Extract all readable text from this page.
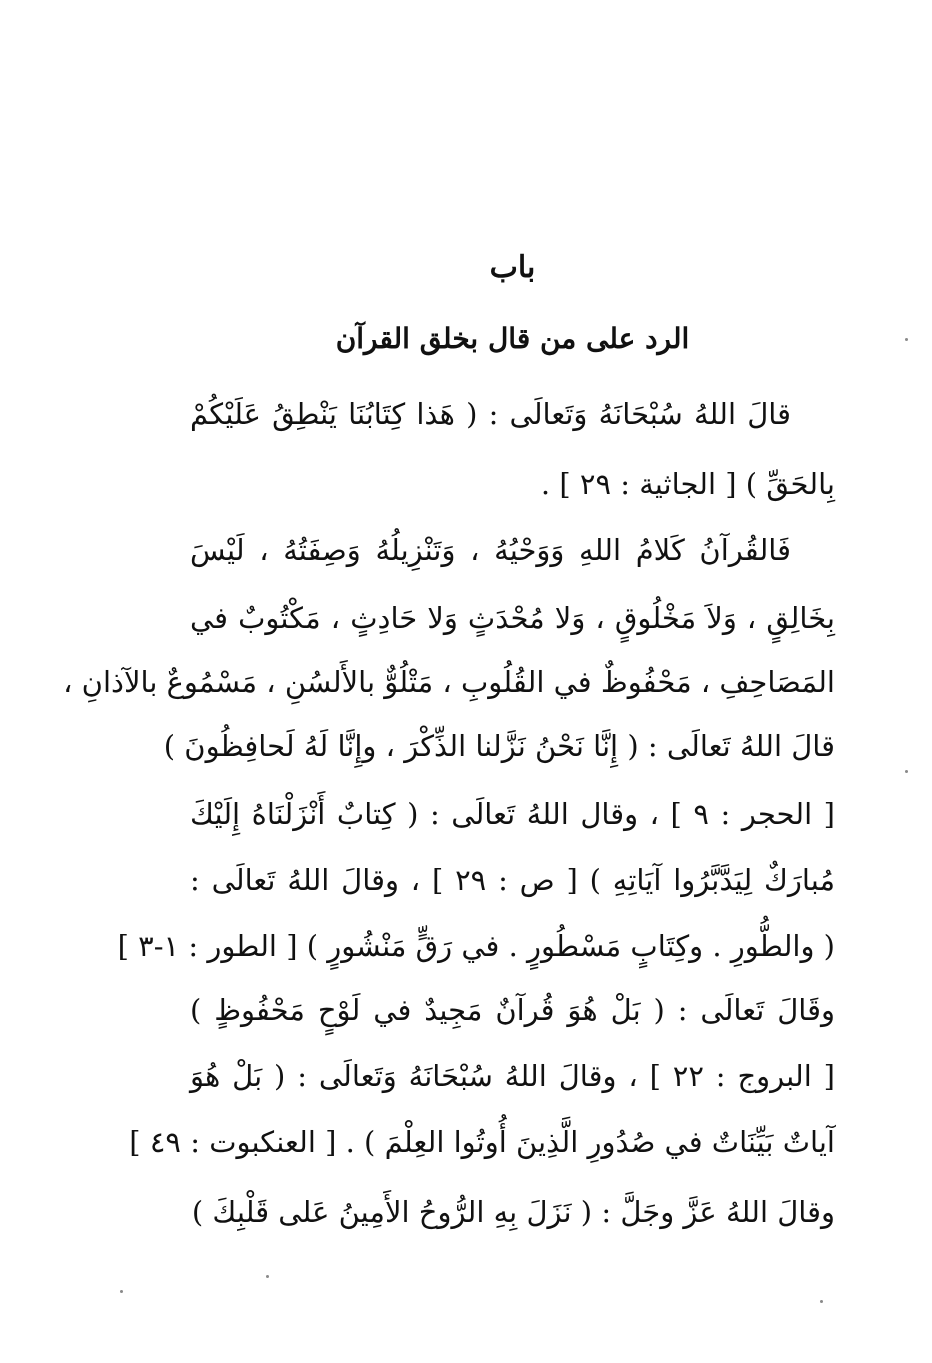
باب
الرد على من قال بخلق القرآن
قالَ اللهُ سُبْحَانَهُ وَتَعالَى : ( هَذا كِتَابُنَا يَنْطِقُ عَلَيْكُمْ
بِالحَقِّ ) [ الجاثية : ٢٩ ] .
فَالقُرآنُ كَلامُ اللهِ وَوَحْيُهُ ، وَتَنْزِيلُهُ وَصِفَتُهُ ، لَيْسَ
بِخَالِقٍ ، وَلاَ مَخْلُوقٍ ، وَلا مُحْدَثٍ وَلا حَادِثٍ ، مَكْتُوبٌ في
المَصَاحِفِ ، مَحْفُوظٌ في القُلُوبِ ، مَتْلُوٌّ بالأَلسُنِ ، مَسْمُوعٌ بالآذانِ ،
قالَ اللهُ تَعالَى : ( إِنَّا نَحْنُ نَزَّلنا الذِّكْرَ ، وإِنَّا لَهُ لَحافِظُونَ )
[ الحجر : ٩ ] ، وقال اللهُ تَعالَى : ( كِتابٌ أَنْزَلْنَاهُ إِلَيْكَ
مُبارَكٌ لِيَدَّبَّرُوا آيَاتِهِ ) [ ص : ٢٩ ] ، وقالَ اللهُ تَعالَى :
( والطُّورِ . وكِتَابٍ مَسْطُورٍ . في رَقٍّ مَنْشُورٍ ) [ الطور : ١-٣ ]
وقَالَ تَعالَى : ( بَلْ هُوَ قُرآنٌ مَجِيدٌ في لَوْحٍ مَحْفُوظٍ )
[ البروج : ٢٢ ] ، وقالَ اللهُ سُبْحَانَهُ وَتَعالَى : ( بَلْ هُوَ
آياتٌ بَيِّنَاتٌ في صُدُورِ الَّذِينَ أُوتُوا العِلْمَ ) . [ العنكبوت : ٤٩ ]
وقالَ اللهُ عَزَّ وجَلَّ : ( نَزَلَ بِهِ الرُّوحُ الأَمِينُ عَلى قَلْبِكَ )
